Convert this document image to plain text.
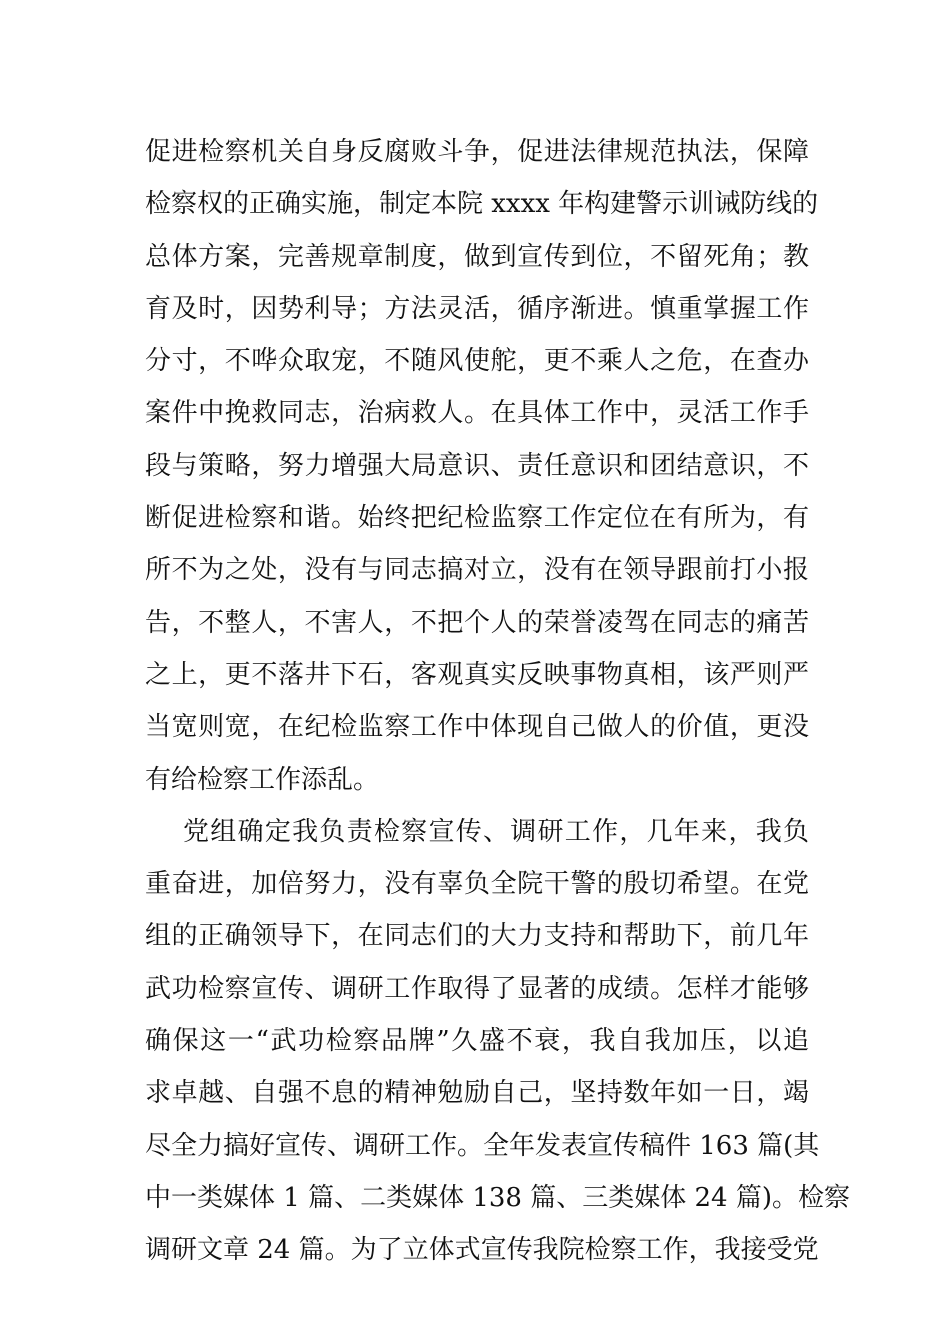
促进检察机关自身反腐败斗争，促进法律规范执法，保障
检察权的正确实施，制定本院 xxxx 年构建警示训诫防线的
总体方案，完善规章制度，做到宣传到位，不留死角；教
育及时，因势利导；方法灵活，循序渐进。慎重掌握工作
分寸，不哗众取宠，不随风使舵，更不乘人之危，在查办
案件中挽救同志，治病救人。在具体工作中，灵活工作手
段与策略，努力增强大局意识、责任意识和团结意识，不
断促进检察和谐。始终把纪检监察工作定位在有所为，有
所不为之处，没有与同志搞对立，没有在领导跟前打小报
告，不整人，不害人，不把个人的荣誉凌驾在同志的痛苦
之上，更不落井下石，客观真实反映事物真相，该严则严
当宽则宽，在纪检监察工作中体现自己做人的价值，更没
有给检察工作添乱。
党组确定我负责检察宣传、调研工作，几年来，我负
重奋进，加倍努力，没有辜负全院干警的殷切希望。在党
组的正确领导下，在同志们的大力支持和帮助下，前几年
武功检察宣传、调研工作取得了显著的成绩。怎样才能够
确保这一“武功检察品牌”久盛不衰，我自我加压，以追
求卓越、自强不息的精神勉励自己，坚持数年如一日，竭
尽全力搞好宣传、调研工作。全年发表宣传稿件 163 篇(其
中一类媒体 1 篇、二类媒体 138 篇、三类媒体 24 篇)。检察
调研文章 24 篇。为了立体式宣传我院检察工作，我接受党
